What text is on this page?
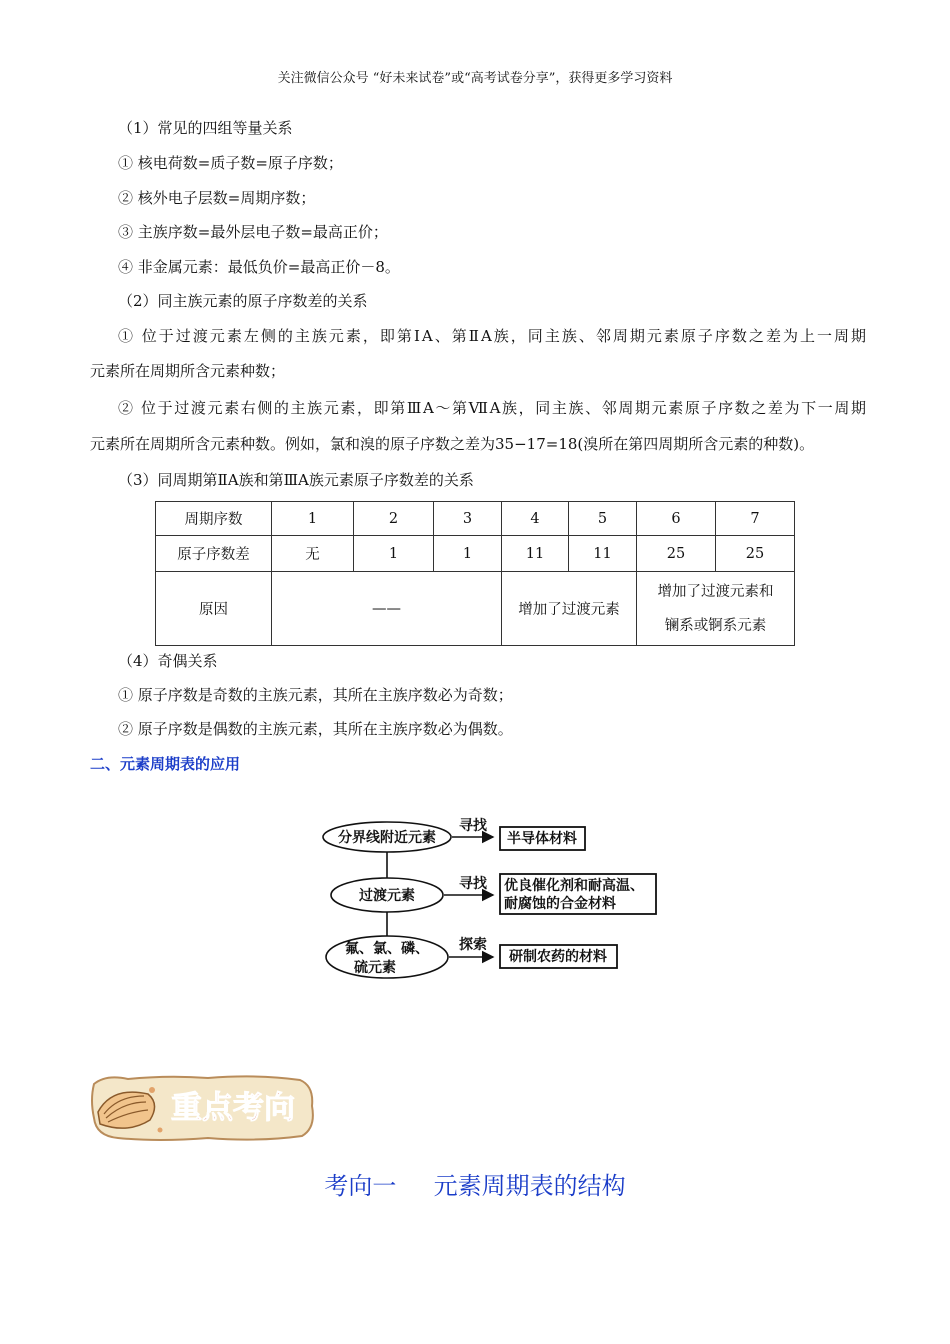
关注微信公众号 “好未来试卷”或“高考试卷分享”，获得更多学习资料
（1）常见的四组等量关系
① 核电荷数=质子数=原子序数；
② 核外电子层数=周期序数；
③ 主族序数=最外层电子数=最高正价；
④ 非金属元素：最低负价=最高正价－8。
（2）同主族元素的原子序数差的关系
① 位于过渡元素左侧的主族元素，即第ⅠA、第ⅡA族，同主族、邻周期元素原子序数之差为上一周期
元素所在周期所含元素种数；
② 位于过渡元素右侧的主族元素，即第ⅢA～第ⅦA族，同主族、邻周期元素原子序数之差为下一周期
元素所在周期所含元素种数。例如，氯和溴的原子序数之差为35−17=18(溴所在第四周期所含元素的种数)。
（3）同周期第ⅡA族和第ⅢA族元素原子序数差的关系
周期序数	1	2	3	4	5	6	7
原子序数差	无	1	1	11	11	25	25
原因	——			增加了过渡元素		增加了过渡元素和
镧系或锕系元素	
（4）奇偶关系
① 原子序数是奇数的主族元素，其所在主族序数必为奇数；
② 原子序数是偶数的主族元素，其所在主族序数必为偶数。
二、元素周期表的应用
分界线附近元素
过渡元素
氟、氯、磷、
硫元素
寻找
寻找
探索
半导体材料
优良催化剂和耐高温、
耐腐蚀的合金材料
研制农药的材料
重点考向
考向一 元素周期表的结构
